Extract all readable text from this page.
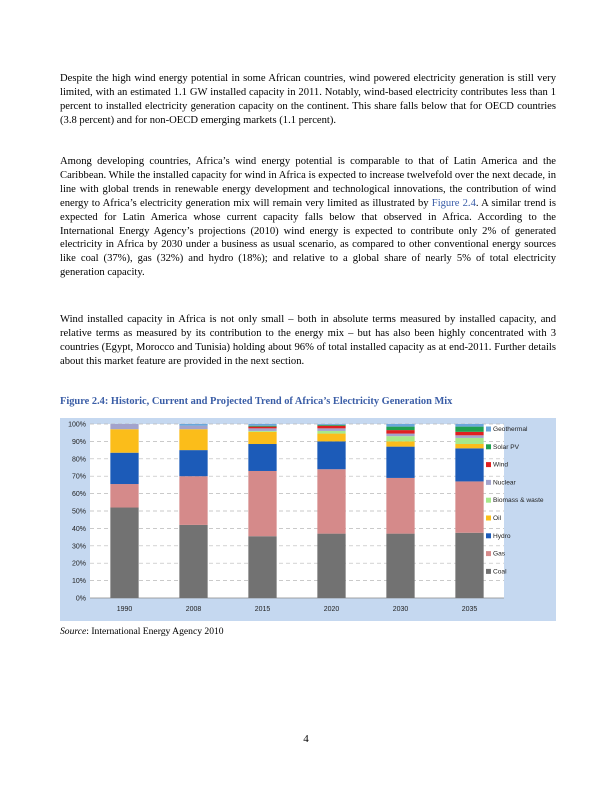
Despite the high wind energy potential in some African countries, wind powered electricity generation is still very limited, with an estimated 1.1 GW installed capacity in 2011. Notably, wind-based electricity contributes less than 1 percent to installed electricity generation capacity on the continent. This share falls below that for OECD countries (3.8 percent) and for non-OECD emerging markets (1.1 percent).

Among developing countries, Africa’s wind energy potential is comparable to that of Latin America and the Caribbean. While the installed capacity for wind in Africa is expected to increase twelvefold over the next decade, in line with global trends in renewable energy development and technological innovations, the contribution of wind energy to Africa’s electricity generation mix will remain very limited as illustrated by Figure 2.4. A similar trend is expected for Latin America whose current capacity falls below that observed in Africa. According to the International Energy Agency’s projections (2010) wind energy is expected to contribute only 2% of generated electricity in Africa by 2030 under a business as usual scenario, as compared to other conventional energy sources like coal (37%), gas (32%) and hydro (18%); and relative to a global share of nearly 5% of total electricity generation capacity.

Wind installed capacity in Africa is not only small – both in absolute terms measured by installed capacity, and relative terms as measured by its contribution to the energy mix – but has also been highly concentrated with 3 countries (Egypt, Morocco and Tunisia) holding about 96% of total installed capacity as at end-2011. Further details about this market feature are provided in the next section.

Figure 2.4: Historic, Current and Projected Trend of Africa’s Electricity Generation Mix
0%
10%
20%
30%
40%
50%
60%
70%
80%
90%
100%
1990	2008	2015	2020	2030	2035
Geothermal
Solar PV
Wind
Nuclear
Biomass & waste
Oil
Hydro
Gas
Coal
Source: International Energy Agency 2010
4
